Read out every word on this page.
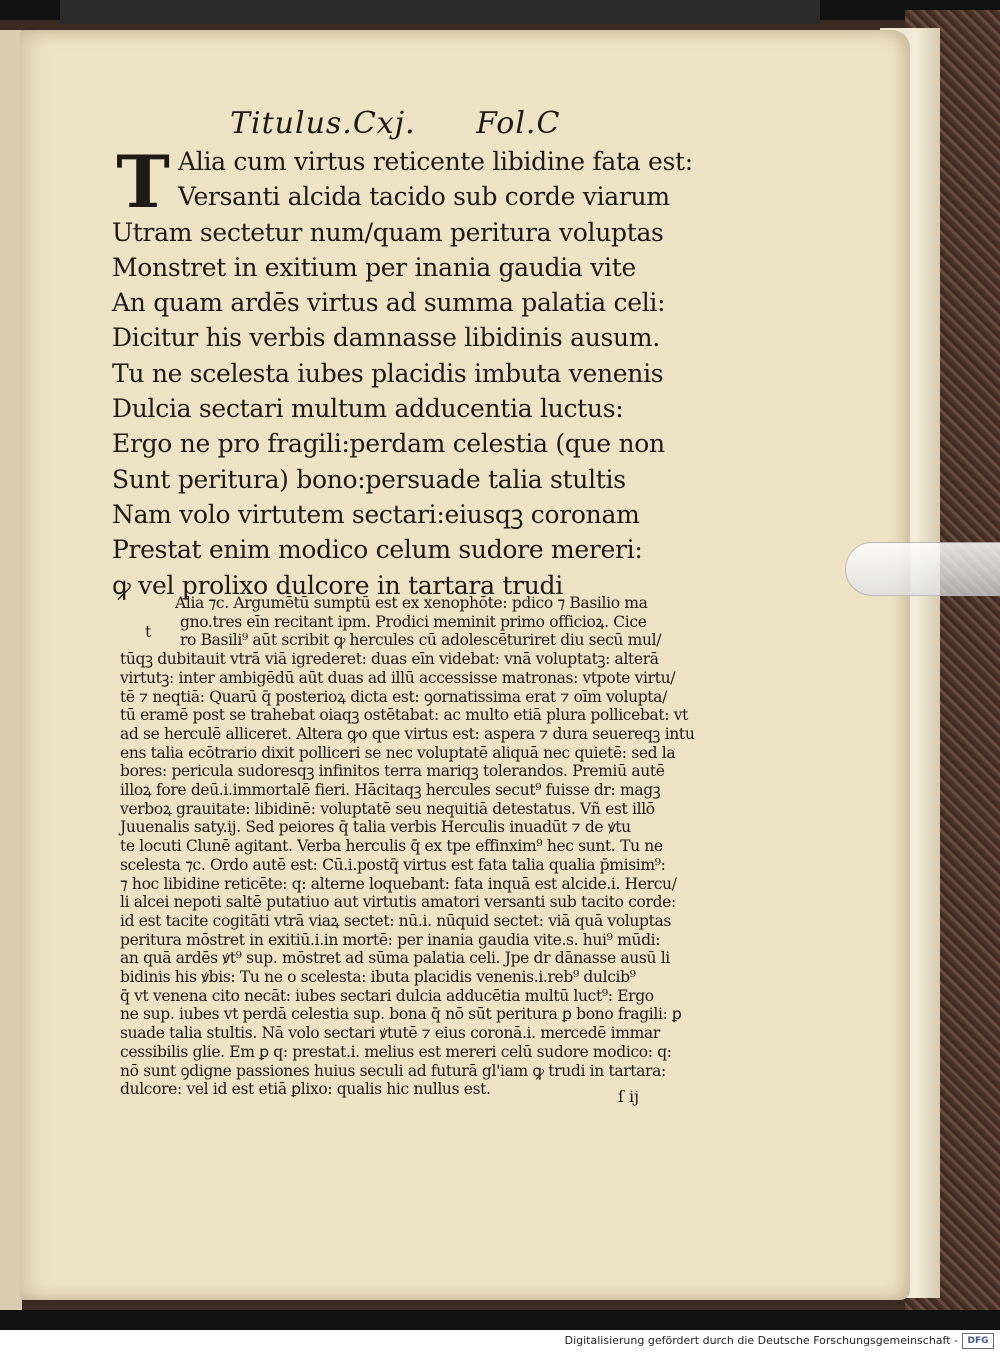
Titulus.Cxj. Fol.C
T Alia cum virtus reticente libidine fata est:
Versanti alcida tacido sub corde viarum
Utram sectetur num/quam peritura voluptas
Monstret in exitium per inania gaudia vite
An quam ardēs virtus ad summa palatia celi:
Dicitur his verbis damnasse libidinis ausum.
Tu ne scelesta iubes placidis imbuta venenis
Dulcia sectari multum adducentia luctus:
Ergo ne pro fragili:perdam celestia (que non
Sunt peritura) bono:persuade talia stultis
Nam volo virtutem sectari:eiusqꝫ coronam
Prestat enim modico celum sudore mereri:
ꝙ vel prolixo dulcore in tartara trudi
t
Alia ⁊c. Argumētū sumptū est ex xenophōte: pdico ⁊ Basilio ma
gno.tres eīn recitant ipm. Prodici meminit primo officioꝝ. Cice
ro Basili⁹ aūt scribit ꝙ hercules cū adolescēturiret diu secū mul/
tūqꝫ dubitauit vtrā viā igrederet: duas eīn videbat: vnā voluptatꝫ: alterā
virtutꝫ: inter ambigēdū aūt duas ad illū accessisse matronas: vtpote virtu/
tē ⁊ neqtiā: Quarū q̄ posterioꝝ dicta est: ꝯornatissima erat ⁊ oīm volupta/
tū eramē post se trahebat oiaqꝫ ostētabat: ac multo etiā plura pollicebat: vt
ad se herculē alliceret. Altera ꝙo que virtus est: aspera ⁊ dura seuereqꝫ intu
ens talia ecōtrario dixit polliceri se nec voluptatē aliquā nec quietē: sed la
bores: pericula sudoresqꝫ infinitos terra mariqꝫ tolerandos. Premiū autē
illoꝝ fore deū.i.immortalē fieri. Hācitaqꝫ hercules secut⁹ fuisse dr: magꝫ
verboꝝ grauitate: libidinē: voluptatē seu nequitiā detestatus. Vñ est illō
Juuenalis saty.ij. Sed peiores q̄ talia verbis Herculis inuadūt ⁊ de ꝟtu
te locuti Clunē agitant. Verba herculis q̄ ex tpe effinxim⁹ hec sunt. Tu ne
scelesta ⁊c. Ordo autē est: Cū.i.postq̄ virtus est fata talia qualia p̄misim⁹:
⁊ hoc libidine reticēte: q: alterne loquebant: fata inquā est alcide.i. Hercu/
li alcei nepoti saltē putatiuo aut virtutis amatori versanti sub tacito corde:
id est tacite cogitāti vtrā viaꝝ sectet: nū.i. nūquid sectet: viā quā voluptas
peritura mōstret in exitiū.i.in mortē: per inania gaudia vite.s. hui⁹ mūdi:
an quā ardēs ꝟt⁹ sup. mōstret ad sūma palatia celi. Jpe dr dānasse ausū li
bidinis his ꝟbis: Tu ne o scelesta: ibuta placidis venenis.i.reb⁹ dulcib⁹
q̄ vt venena cito necāt: iubes sectari dulcia adducētia multū luct⁹: Ergo
ne sup. iubes vt perdā celestia sup. bona q̄ nō sūt peritura ꝑ bono fragili: ꝑ
suade talia stultis. Nā volo sectari ꝟtutē ⁊ eius coronā.i. mercedē immar
cessibilis glie. Em ꝑ q: prestat.i. melius est mereri celū sudore modico: q:
nō sunt ꝯdigne passiones huius seculi ad futurā gl'iam ꝙ trudi in tartara:
dulcore: vel id est etiā ꝑlixo: qualis hic nullus est.	ſ ij
Digitalisierung gefördert durch die Deutsche Forschungsgemeinschaft -	DFG
